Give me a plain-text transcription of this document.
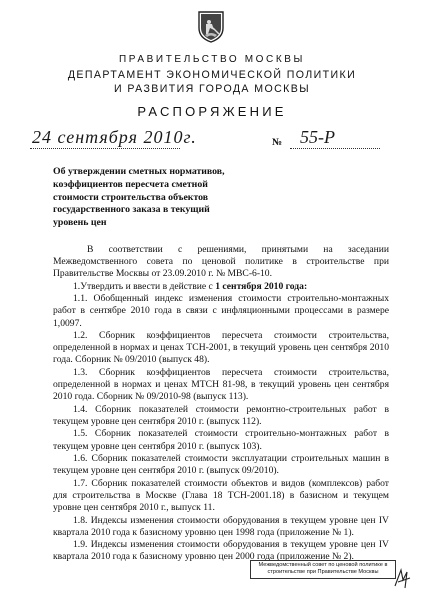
ПРАВИТЕЛЬСТВО МОСКВЫ
ДЕПАРТАМЕНТ ЭКОНОМИЧЕСКОЙ ПОЛИТИКИ
И РАЗВИТИЯ ГОРОДА МОСКВЫ
РАСПОРЯЖЕНИЕ
24 сентября 2010г.	№ 55-Р

Об утверждении сметных нормативов,
коэффициентов пересчета сметной
стоимости строительства объектов
государственного заказа в текущий
уровень цен

В соответствии с решениями, принятыми на заседании Межведомственного совета по ценовой политике в строительстве при Правительстве Москвы от 23.09.2010 г. № МВС-6-10.

1.Утвердить и ввести в действие с 1 сентября 2010 года:

1.1. Обобщенный индекс изменения стоимости строительно-монтажных работ в сентябре 2010 года в связи с инфляционными процессами в размере 1,0097.

1.2. Сборник коэффициентов пересчета стоимости строительства, определенной в нормах и ценах ТСН-2001, в текущий уровень цен сентября 2010 года. Сборник № 09/2010 (выпуск 48).

1.3. Сборник коэффициентов пересчета стоимости строительства, определенной в нормах и ценах МТСН 81-98, в текущий уровень цен сентября 2010 года. Сборник № 09/2010-98 (выпуск 113).

1.4. Сборник показателей стоимости ремонтно-строительных работ в текущем уровне цен сентября 2010 г. (выпуск 112).

1.5. Сборник показателей стоимости строительно-монтажных работ в текущем уровне цен сентября 2010 г. (выпуск 103).

1.6. Сборник показателей стоимости эксплуатации строительных машин в текущем уровне цен сентября 2010 г. (выпуск 09/2010).

1.7. Сборник показателей стоимости объектов и видов (комплексов) работ для строительства в Москве (Глава 18 ТСН-2001.18) в базисном и текущем уровне цен сентября 2010 г., выпуск 11.

1.8. Индексы изменения стоимости оборудования в текущем уровне цен IV квартала 2010 года к базисному уровню цен 1998 года (приложение № 1).

1.9. Индексы изменения стоимости оборудования в текущем уровне цен IV квартала 2010 года к базисному уровню цен 2000 года (приложение № 2).

Межведомственный совет по ценовой политике в
строительстве при Правительстве Москвы
